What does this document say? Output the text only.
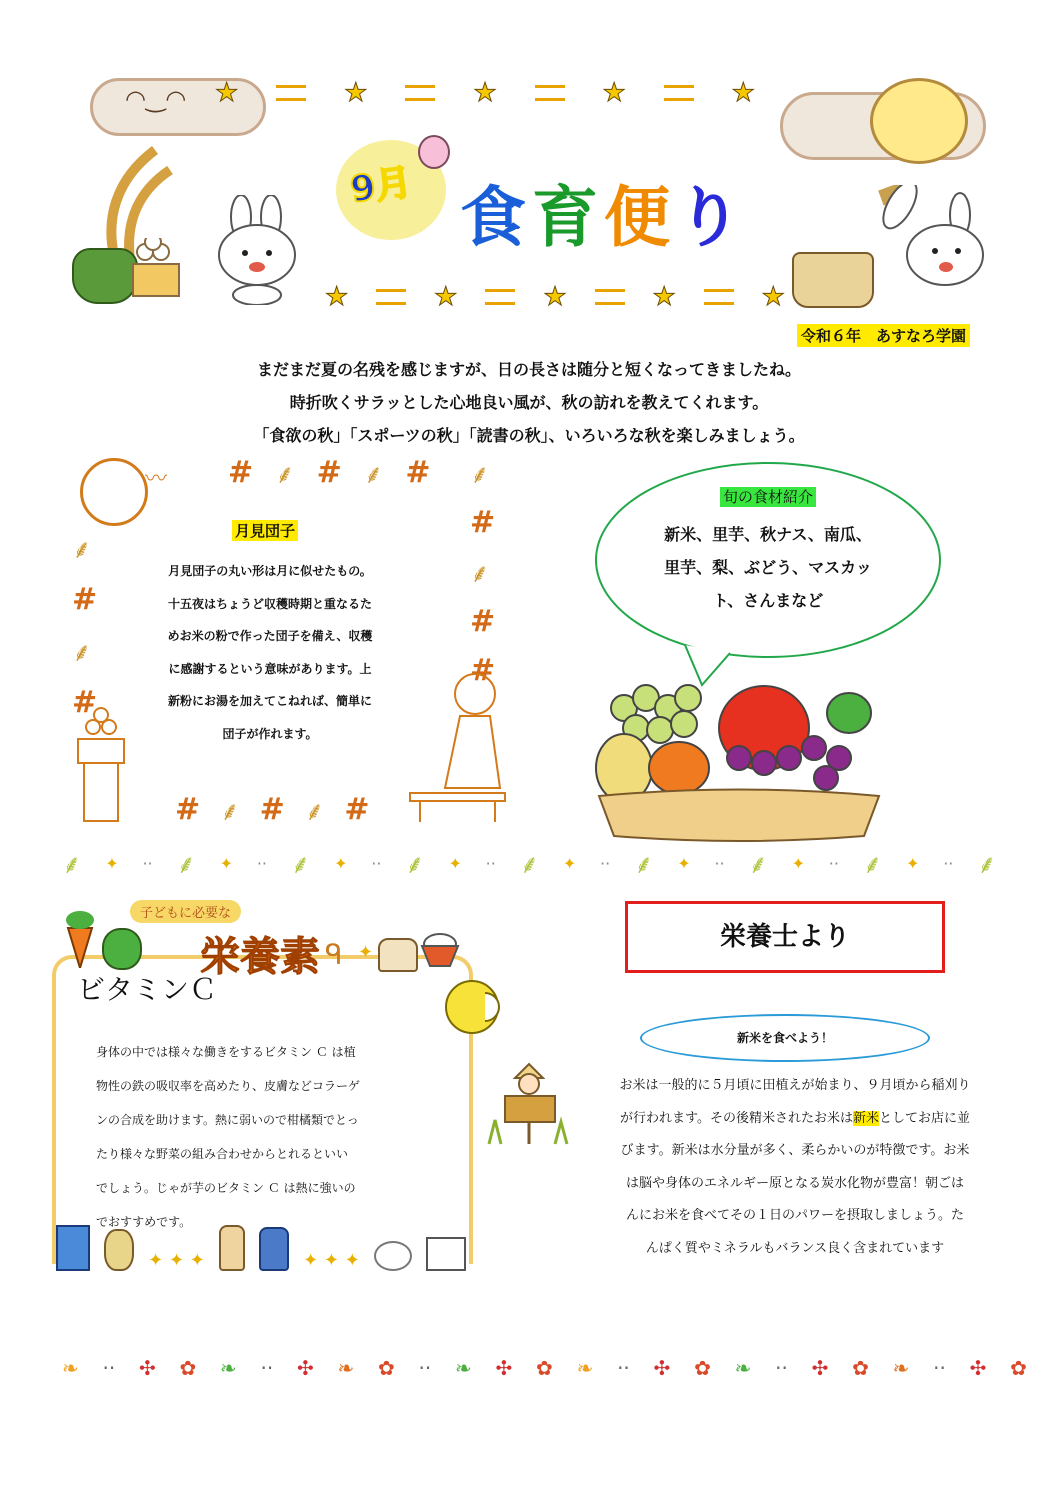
◠‿◠ ★	★	★	★	★
9月 食 育 便 り
★	★	★	★	★
令和６年　あすなろ学園
まだまだ夏の名残を感じますが、日の長さは随分と短くなってきましたね。
時折吹くサラッとした心地良い風が、秋の訪れを教えてくれます。
「食欲の秋」「スポーツの秋」「読書の秋」、いろいろな秋を楽しみましょう。
〰 # ⸙ # ⸙ #
⸙
#
⸙
#
⸙
#
⸙
#
#
# ⸙ # ⸙ #
月見団子
月見団子の丸い形は月に似せたもの。
十五夜はちょうど収穫時期と重なるた
めお米の粉で作った団子を備え、収穫
に感謝するという意味があります。上
新粉にお湯を加えてこねれば、簡単に
団子が作れます。
旬の食材紹介
新米、里芋、秋ナス、南瓜、
里芋、梨、ぶどう、マスカッ
ト、さんまなど
⸙ ✦ ·· ⸙ ✦ ·· ⸙ ✦ ·· ⸙ ✦ ·· ⸙ ✦ ·· ⸙ ✦ ·· ⸙ ✦ ·· ⸙ ✦ ·· ⸙
子どもに必要な
栄養素 ᑫ ✦
ビタミンＣ
身体の中では様々な働きをするビタミン Ｃ は植
物性の鉄の吸収率を高めたり、皮膚などコラーゲ
ンの合成を助けます。熱に弱いので柑橘類でとっ
たり様々な野菜の組み合わせからとれるといい
でしょう。じゃが芋のビタミン Ｃ は熱に強いの
でおすすめです。
✦ ✦ ✦	✦ ✦ ✦
栄養士より
新米を食べよう！
お米は一般的に５月頃に田植えが始まり、９月頃から稲刈り
が行われます。その後精米されたお米は新米としてお店に並
びます。新米は水分量が多く、柔らかいのが特徴です。お米
は脳や身体のエネルギー原となる炭水化物が豊富！朝ごは
んにお米を食べてその１日のパワーを摂取しましょう。た
んぱく質やミネラルもバランス良く含まれています
❧ ·· ✣ ✿ ❧ ·· ✣ ❧ ✿ ·· ❧ ✣ ✿ ❧ ·· ✣ ✿ ❧ ·· ✣ ✿ ❧ ·· ✣ ✿
